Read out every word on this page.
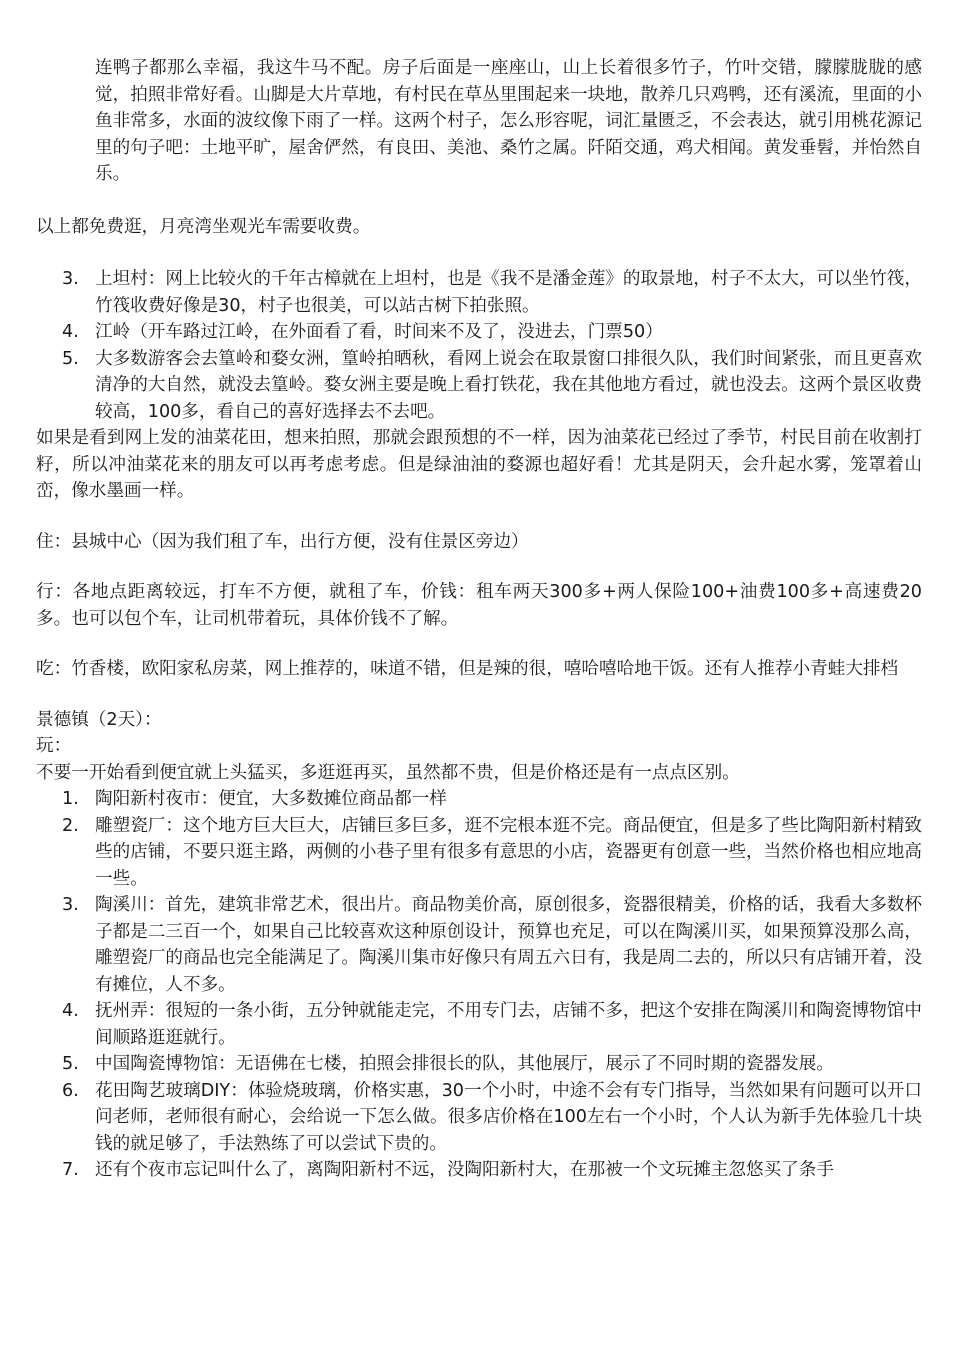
连鸭子都那么幸福，我这牛马不配。房子后面是一座座山，山上长着很多竹子，竹叶交错，朦朦胧胧的感觉，拍照非常好看。山脚是大片草地，有村民在草丛里围起来一块地，散养几只鸡鸭，还有溪流，里面的小鱼非常多，水面的波纹像下雨了一样。这两个村子，怎么形容呢，词汇量匮乏，不会表达，就引用桃花源记里的句子吧：土地平旷，屋舍俨然，有良田、美池、桑竹之属。阡陌交通，鸡犬相闻。黄发垂髫，并怡然自乐。

以上都免费逛，月亮湾坐观光车需要收费。

3. 上坦村：网上比较火的千年古樟就在上坦村，也是《我不是潘金莲》的取景地，村子不太大，可以坐竹筏，竹筏收费好像是30，村子也很美，可以站古树下拍张照。
4. 江岭（开车路过江岭，在外面看了看，时间来不及了，没进去，门票50）
5. 大多数游客会去篁岭和婺女洲，篁岭拍晒秋，看网上说会在取景窗口排很久队，我们时间紧张，而且更喜欢清净的大自然，就没去篁岭。婺女洲主要是晚上看打铁花，我在其他地方看过，就也没去。这两个景区收费较高，100多，看自己的喜好选择去不去吧。

如果是看到网上发的油菜花田，想来拍照，那就会跟预想的不一样，因为油菜花已经过了季节，村民目前在收割打籽，所以冲油菜花来的朋友可以再考虑考虑。但是绿油油的婺源也超好看！尤其是阴天，会升起水雾，笼罩着山峦，像水墨画一样。

住：县城中心（因为我们租了车，出行方便，没有住景区旁边）

行：各地点距离较远，打车不方便，就租了车，价钱：租车两天300多+两人保险100+油费100多+高速费20多。也可以包个车，让司机带着玩，具体价钱不了解。

吃：竹香楼，欧阳家私房菜，网上推荐的，味道不错，但是辣的很，嘻哈嘻哈地干饭。还有人推荐小青蛙大排档

景德镇（2天）：

玩：

不要一开始看到便宜就上头猛买，多逛逛再买，虽然都不贵，但是价格还是有一点点区别。

1. 陶阳新村夜市：便宜，大多数摊位商品都一样
2. 雕塑瓷厂：这个地方巨大巨大，店铺巨多巨多，逛不完根本逛不完。商品便宜，但是多了些比陶阳新村精致些的店铺，不要只逛主路，两侧的小巷子里有很多有意思的小店，瓷器更有创意一些，当然价格也相应地高一些。
3. 陶溪川：首先，建筑非常艺术，很出片。商品物美价高，原创很多，瓷器很精美，价格的话，我看大多数杯子都是二三百一个，如果自己比较喜欢这种原创设计，预算也充足，可以在陶溪川买，如果预算没那么高，雕塑瓷厂的商品也完全能满足了。陶溪川集市好像只有周五六日有，我是周二去的，所以只有店铺开着，没有摊位，人不多。
4. 抚州弄：很短的一条小街，五分钟就能走完，不用专门去，店铺不多，把这个安排在陶溪川和陶瓷博物馆中间顺路逛逛就行。
5. 中国陶瓷博物馆：无语佛在七楼，拍照会排很长的队，其他展厅，展示了不同时期的瓷器发展。
6. 花田陶艺玻璃DIY：体验烧玻璃，价格实惠，30一个小时，中途不会有专门指导，当然如果有问题可以开口问老师，老师很有耐心，会给说一下怎么做。很多店价格在100左右一个小时，个人认为新手先体验几十块钱的就足够了，手法熟练了可以尝试下贵的。
7. 还有个夜市忘记叫什么了，离陶阳新村不远，没陶阳新村大，在那被一个文玩摊主忽悠买了条手
